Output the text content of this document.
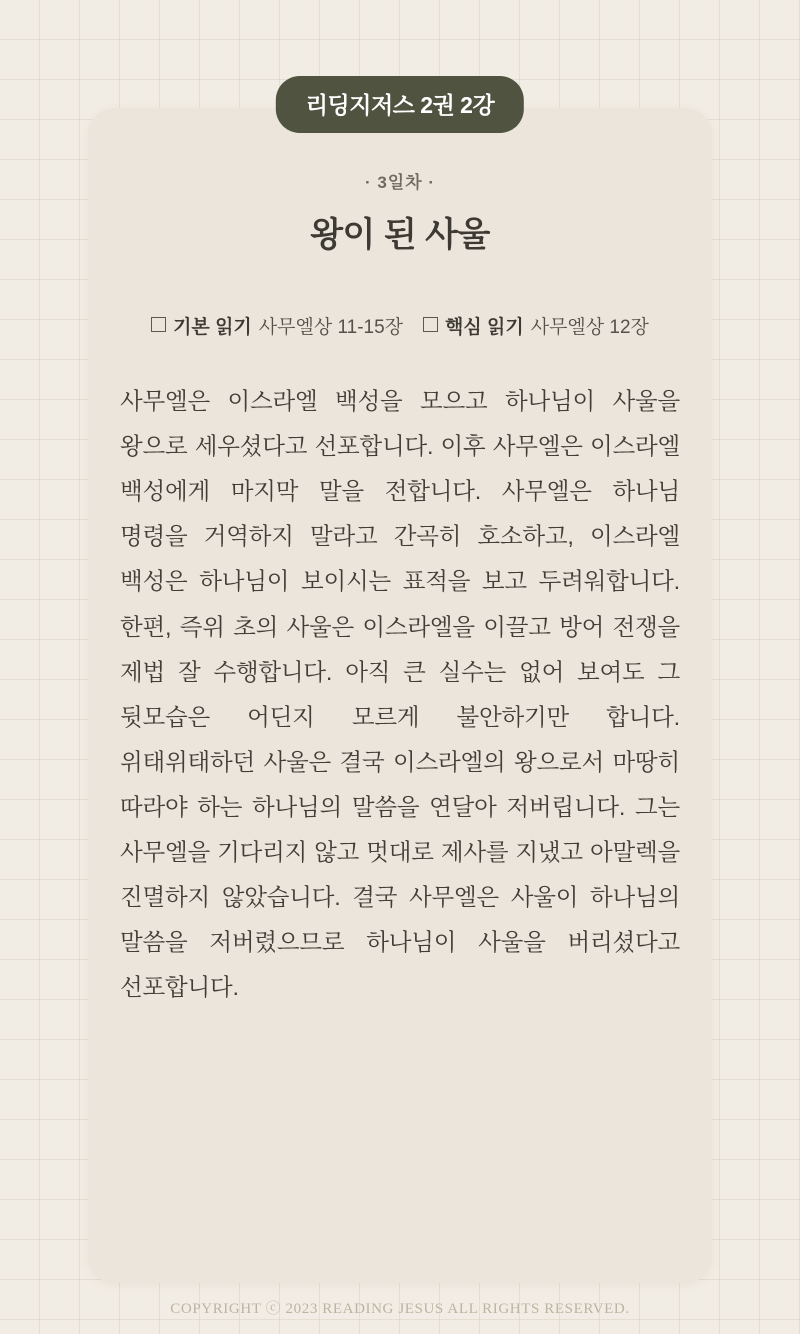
리딩지저스 2권 2강

· 3일차 ·

왕이 된 사울
기본 읽기 사무엘상 11-15장 핵심 읽기 사무엘상 12장

사무엘은 이스라엘 백성을 모으고 하나님이 사울을 왕으로 세우셨다고 선포합니다. 이후 사무엘은 이스라엘 백성에게 마지막 말을 전합니다. 사무엘은 하나님 명령을 거역하지 말라고 간곡히 호소하고, 이스라엘 백성은 하나님이 보이시는 표적을 보고 두려워합니다. 한편, 즉위 초의 사울은 이스라엘을 이끌고 방어 전쟁을 제법 잘 수행합니다. 아직 큰 실수는 없어 보여도 그 뒷모습은 어딘지 모르게 불안하기만 합니다. 위태위태하던 사울은 결국 이스라엘의 왕으로서 마땅히 따라야 하는 하나님의 말씀을 연달아 저버립니다. 그는 사무엘을 기다리지 않고 멋대로 제사를 지냈고 아말렉을 진멸하지 않았습니다. 결국 사무엘은 사울이 하나님의 말씀을 저버렸으므로 하나님이 사울을 버리셨다고 선포합니다.

COPYRIGHT ⓒ 2023 READING JESUS ALL RIGHTS RESERVED.
